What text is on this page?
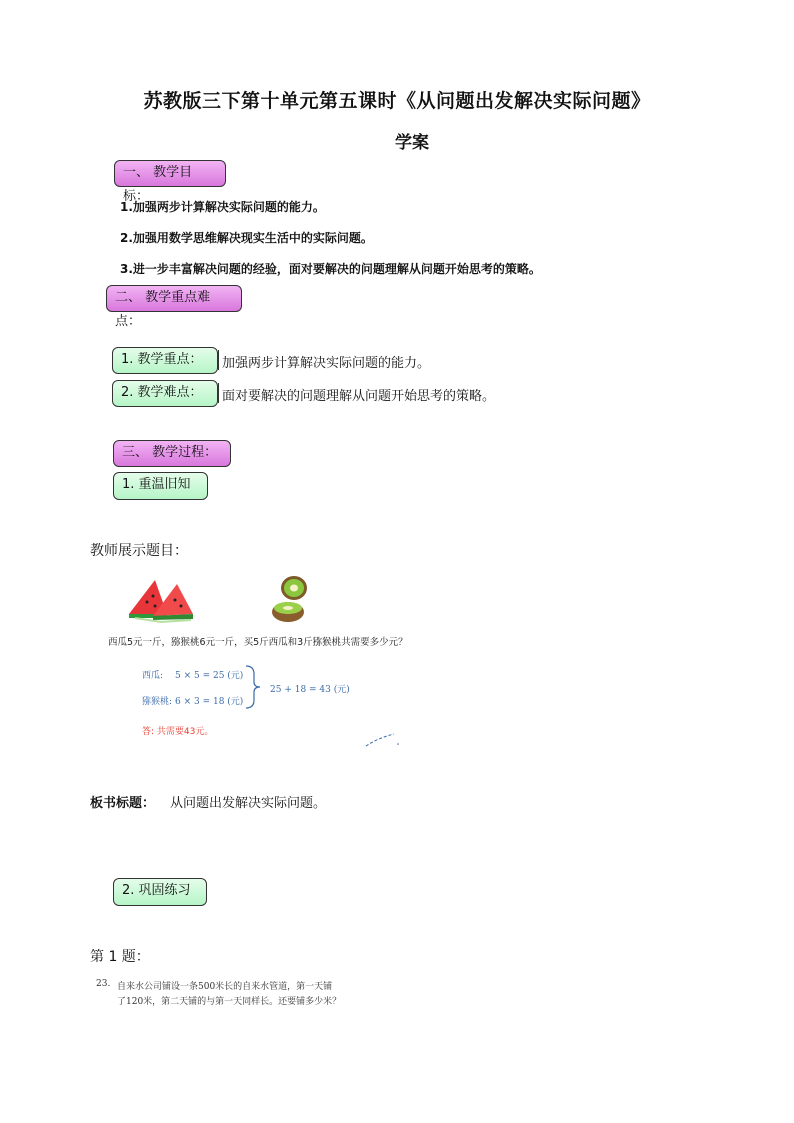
苏教版三下第十单元第五课时《从问题出发解决实际问题》
学案
一、 教学目标：
1.加强两步计算解决实际问题的能力。
2.加强用数学思维解决现实生活中的实际问题。
3.进一步丰富解决问题的经验，面对要解决的问题理解从问题开始思考的策略。
二、 教学重点难点：
1. 教学重点：	加强两步计算解决实际问题的能力。
2. 教学难点：	面对要解决的问题理解从问题开始思考的策略。
三、 教学过程：
1. 重温旧知
教师展示题目：
西瓜5元一斤，猕猴桃6元一斤，买5斤西瓜和3斤猕猴桃共需要多少元？
西瓜: 5 × 5 = 25 (元)
猕猴桃: 6 × 3 = 18 (元)
25 + 18 = 43 (元)
答: 共需要43元。
板书标题： 从问题出发解决实际问题。
2. 巩固练习
第 1 题：
23. 自来水公司铺设一条500米长的自来水管道，第一天铺
了120米，第二天铺的与第一天同样长。还要铺多少米？
